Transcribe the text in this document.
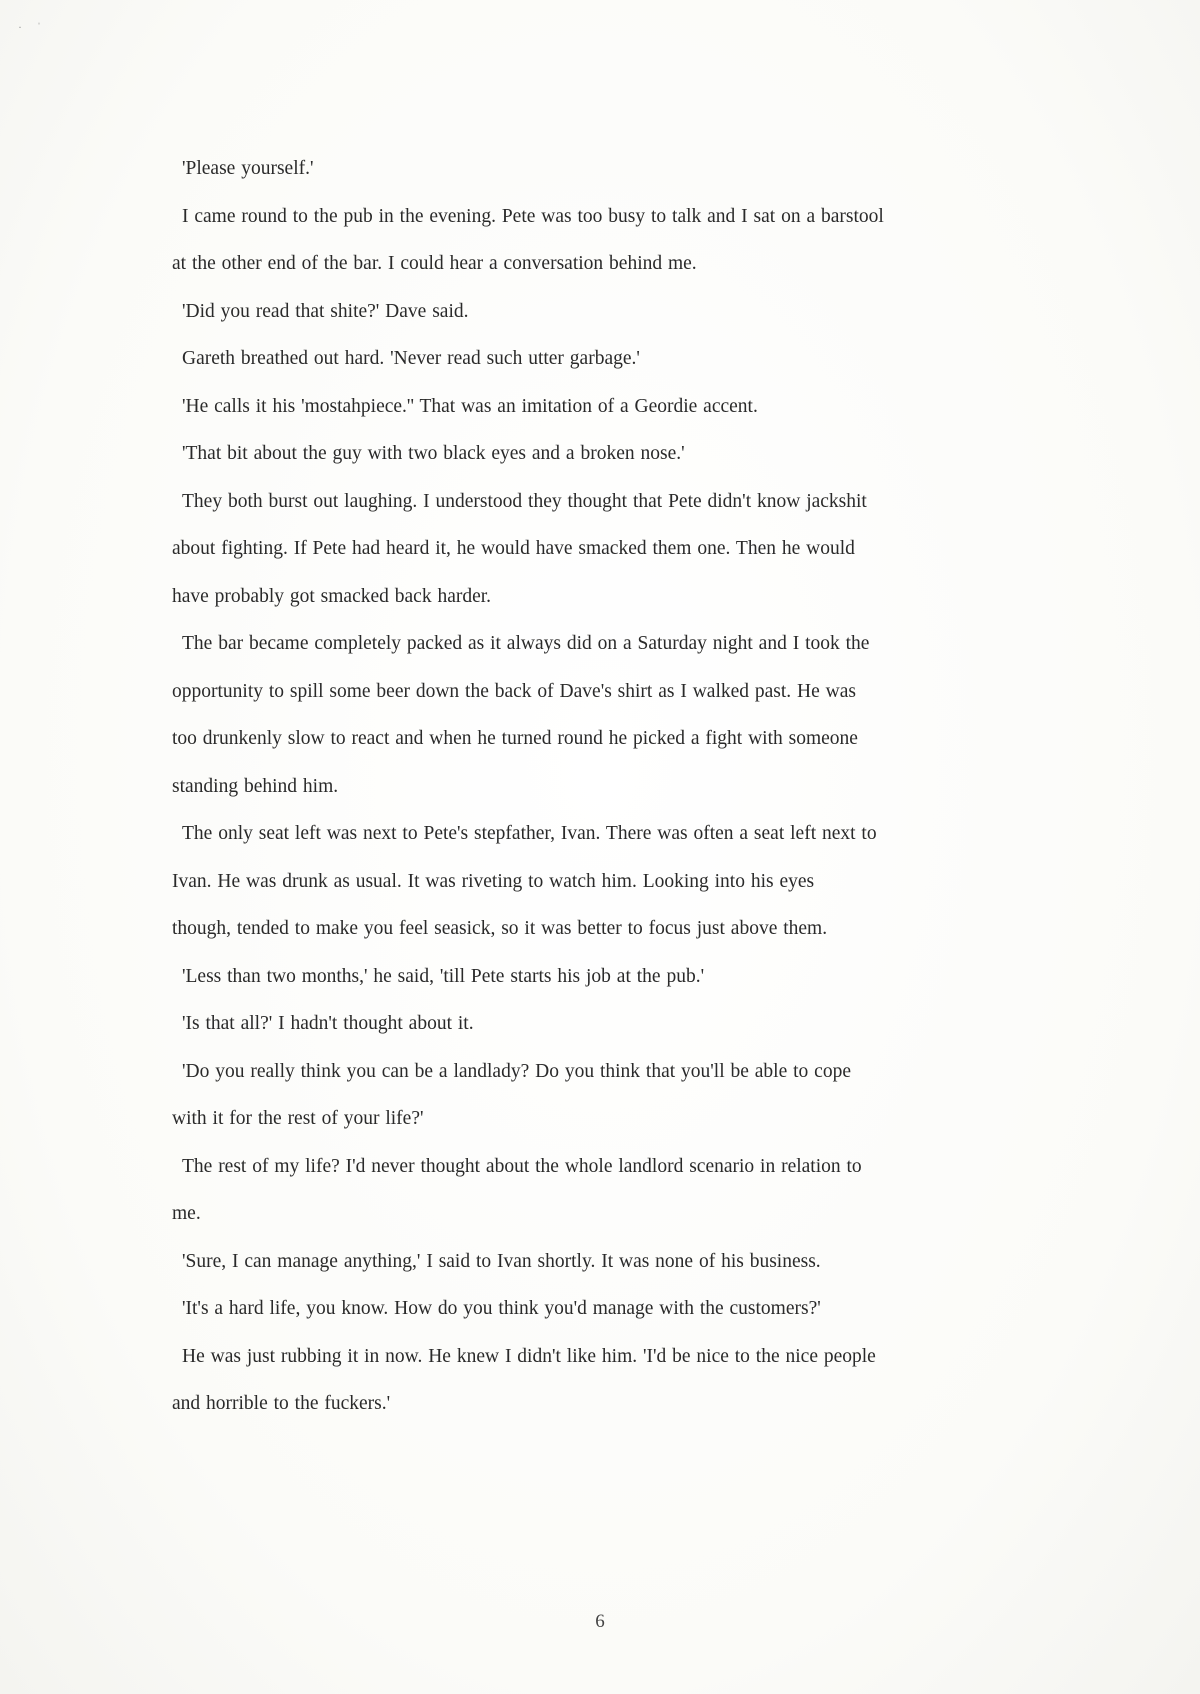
· ˈ
'Please yourself.'
I came round to the pub in the evening. Pete was too busy to talk and I sat on a barstool
at the other end of the bar. I could hear a conversation behind me.
'Did you read that shite?' Dave said.
Gareth breathed out hard. 'Never read such utter garbage.'
'He calls it his 'mostahpiece.'' That was an imitation of a Geordie accent.
'That bit about the guy with two black eyes and a broken nose.'
They both burst out laughing. I understood they thought that Pete didn't know jackshit
about fighting. If Pete had heard it, he would have smacked them one. Then he would
have probably got smacked back harder.
The bar became completely packed as it always did on a Saturday night and I took the
opportunity to spill some beer down the back of Dave's shirt as I walked past. He was
too drunkenly slow to react and when he turned round he picked a fight with someone
standing behind him.
The only seat left was next to Pete's stepfather, Ivan. There was often a seat left next to
Ivan. He was drunk as usual. It was riveting to watch him. Looking into his eyes
though, tended to make you feel seasick, so it was better to focus just above them.
'Less than two months,' he said, 'till Pete starts his job at the pub.'
'Is that all?' I hadn't thought about it.
'Do you really think you can be a landlady? Do you think that you'll be able to cope
with it for the rest of your life?'
The rest of my life? I'd never thought about the whole landlord scenario in relation to
me.
'Sure, I can manage anything,' I said to Ivan shortly. It was none of his business.
'It's a hard life, you know. How do you think you'd manage with the customers?'
He was just rubbing it in now. He knew I didn't like him. 'I'd be nice to the nice people
and horrible to the fuckers.'
6
